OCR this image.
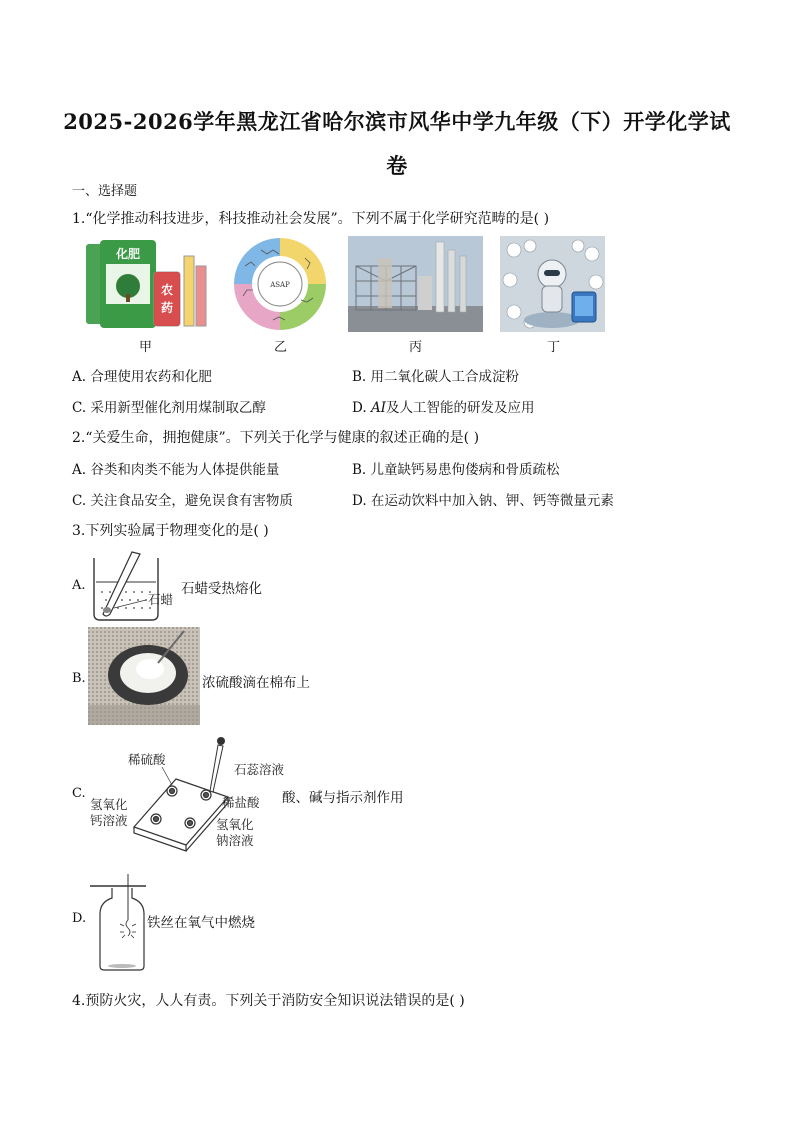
2025-2026学年黑龙江省哈尔滨市风华中学九年级（下）开学化学试
卷
一、选择题
1.“化学推动科技进步，科技推动社会发展”。下列不属于化学研究范畴的是( )
化肥
农
药
甲
ASAP
乙	丙	丁
A. 合理使用农药和化肥	B. 用二氧化碳人工合成淀粉
C. 采用新型催化剂用煤制取乙醇	D. AI及人工智能的研发及应用
2.“关爱生命，拥抱健康”。下列关于化学与健康的叙述正确的是( )
A. 谷类和肉类不能为人体提供能量	B. 儿童缺钙易患佝偻病和骨质疏松
C. 关注食品安全，避免误食有害物质	D. 在运动饮料中加入钠、钾、钙等微量元素
3.下列实验属于物理变化的是( )
A.
石蜡
石蜡受热熔化
B.	浓硫酸滴在棉布上
C.
稀硫酸
石蕊溶液
氢氧化
钙溶液
稀盐酸
氢氧化
钠溶液
酸、碱与指示剂作用
D.	铁丝在氧气中燃烧
4.预防火灾，人人有责。下列关于消防安全知识说法错误的是( )
